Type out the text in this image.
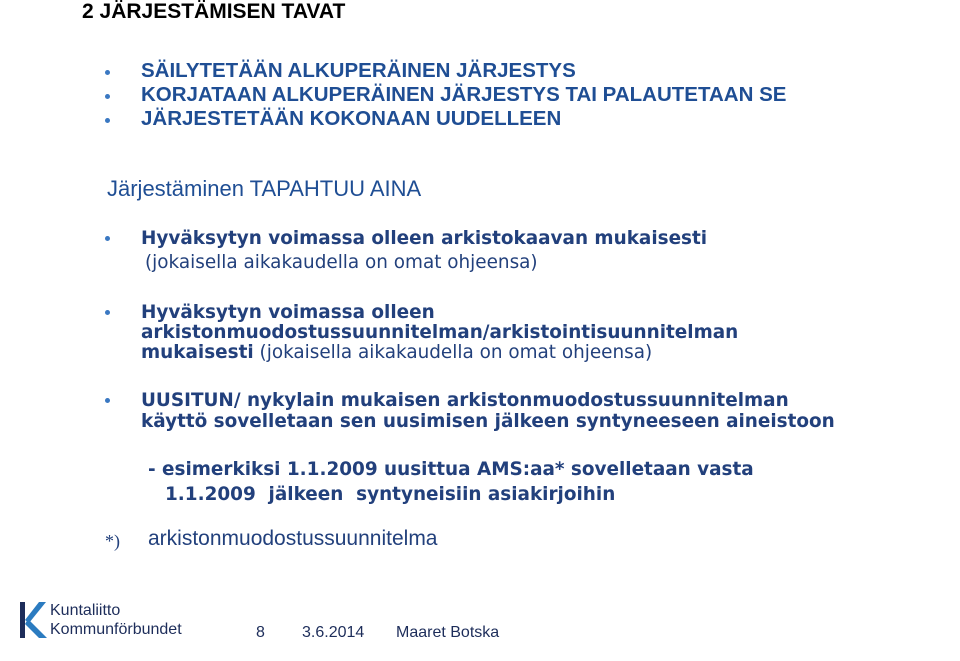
2 JÄRJESTÄMISEN TAVAT
SÄILYTETÄÄN ALKUPERÄINEN JÄRJESTYS
KORJATAAN ALKUPERÄINEN JÄRJESTYS TAI PALAUTETAAN SE
JÄRJESTETÄÄN KOKONAAN UUDELLEEN
Järjestäminen TAPAHTUU AINA
Hyväksytyn voimassa olleen arkistokaavan mukaisesti
(jokaisella aikakaudella on omat ohjeensa)
Hyväksytyn voimassa olleen
arkistonmuodostussuunnitelman/arkistointisuunnitelman
mukaisesti (jokaisella aikakaudella on omat ohjeensa)
UUSITUN/ nykylain mukaisen arkistonmuodostussuunnitelman
käyttö sovelletaan sen uusimisen jälkeen syntyneeseen aineistoon
- esimerkiksi 1.1.2009 uusittua AMS:aa* sovelletaan vasta
1.1.2009  jälkeen  syntyneisiin asiakirjoihin
*) arkistonmuodostussuunnitelma
Kuntaliitto
Kommunförbundet	8 3.6.2014 Maaret Botska
